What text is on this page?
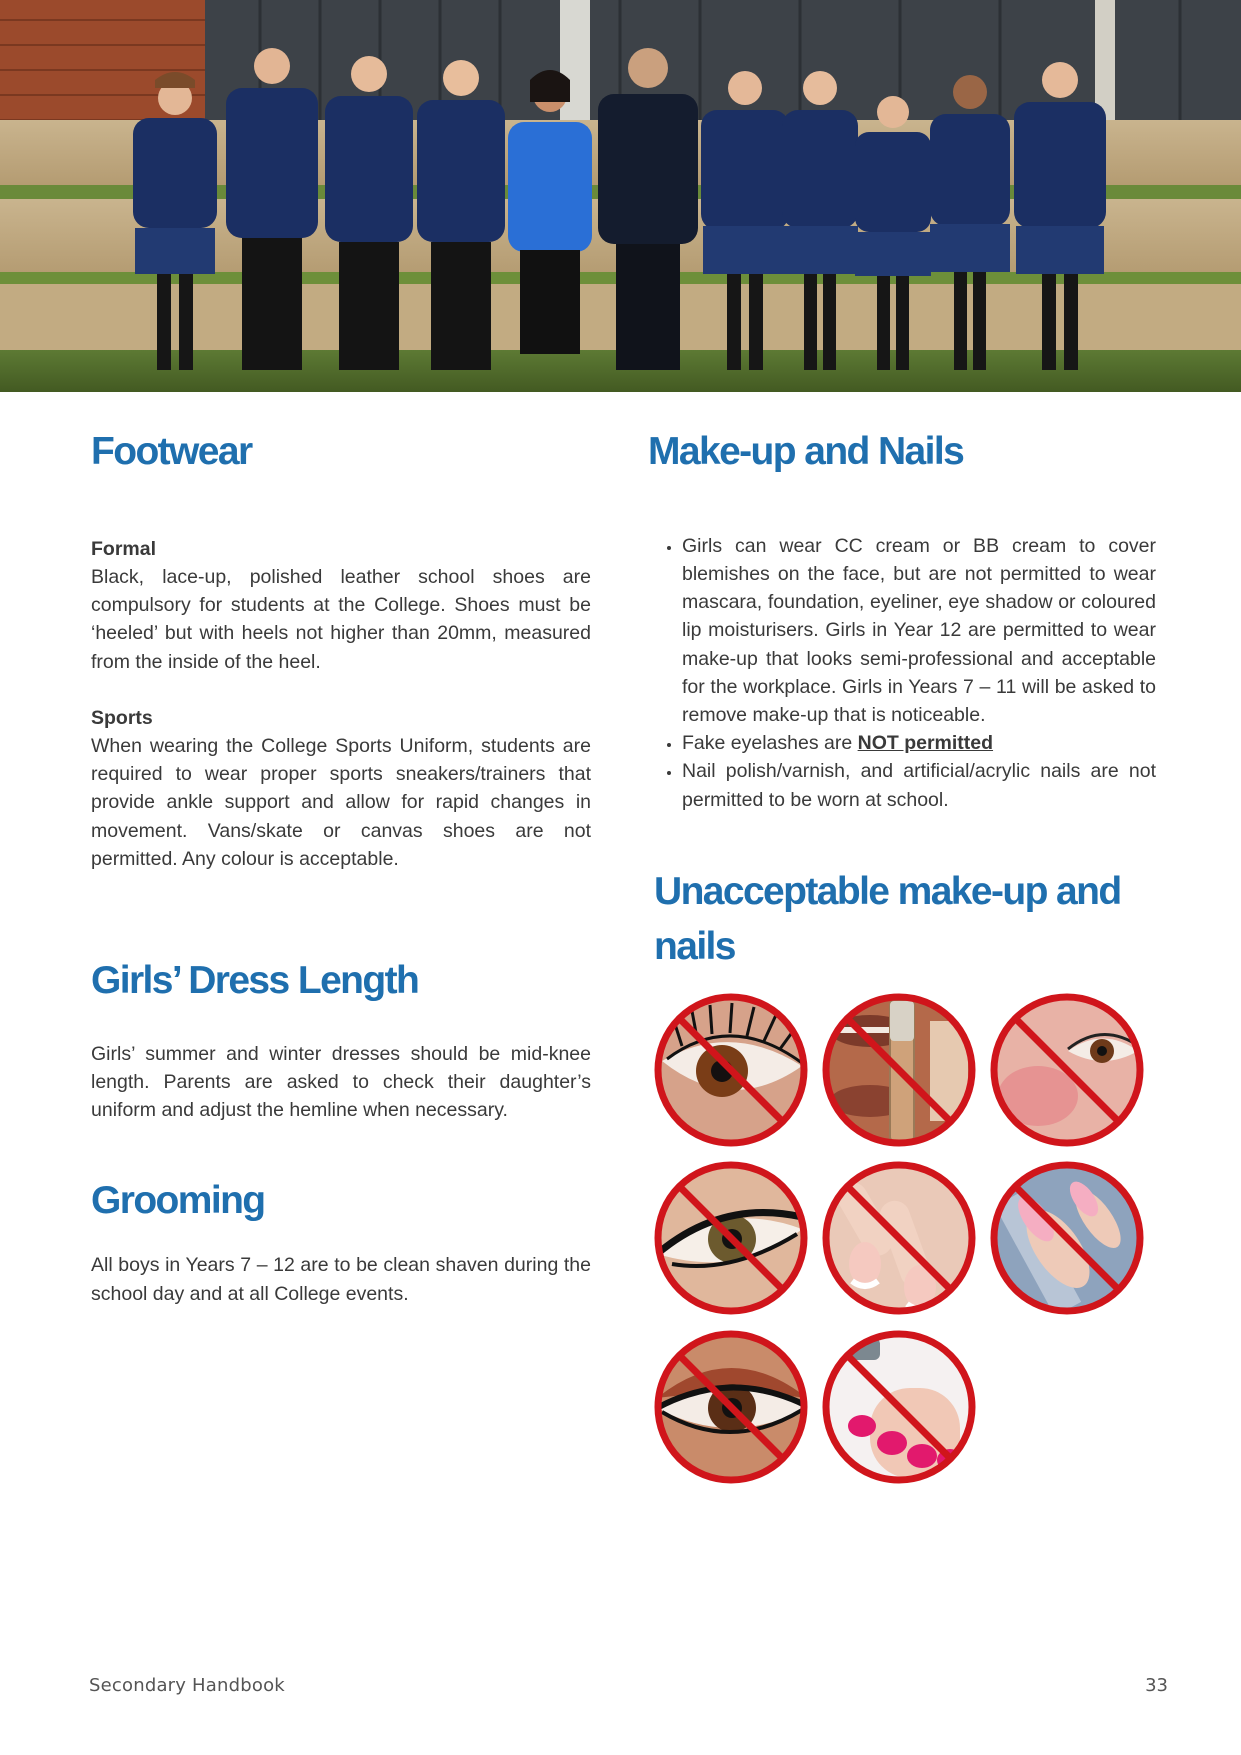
Footwear
Formal

Black, lace-up, polished leather school shoes are compulsory for students at the College. Shoes must be ‘heeled’ but with heels not higher than 20mm, measured from the inside of the heel.

Sports

When wearing the College Sports Uniform, students are required to wear proper sports sneakers/trainers that provide ankle support and allow for rapid changes in movement. Vans/skate or canvas shoes are not permitted. Any colour is acceptable.

Girls’ Dress Length

Girls’ summer and winter dresses should be mid-knee length. Parents are asked to check their daughter’s uniform and adjust the hemline when necessary.

Grooming

All boys in Years 7 – 12 are to be clean shaven during the school day and at all College events.

Make-up and Nails
• Girls can wear CC cream or BB cream to cover blemishes on the face, but are not permitted to wear mascara, foundation, eyeliner, eye shadow or coloured lip moisturisers. Girls in Year 12 are permitted to wear make-up that looks semi-professional and acceptable for the workplace. Girls in Years 7 – 11 will be asked to remove make-up that is noticeable.
• Fake eyelashes are NOT permitted
• Nail polish/varnish, and artificial/acrylic nails are not permitted to be worn at school.
Unacceptable make-up and
nails
Secondary Handbook	33
